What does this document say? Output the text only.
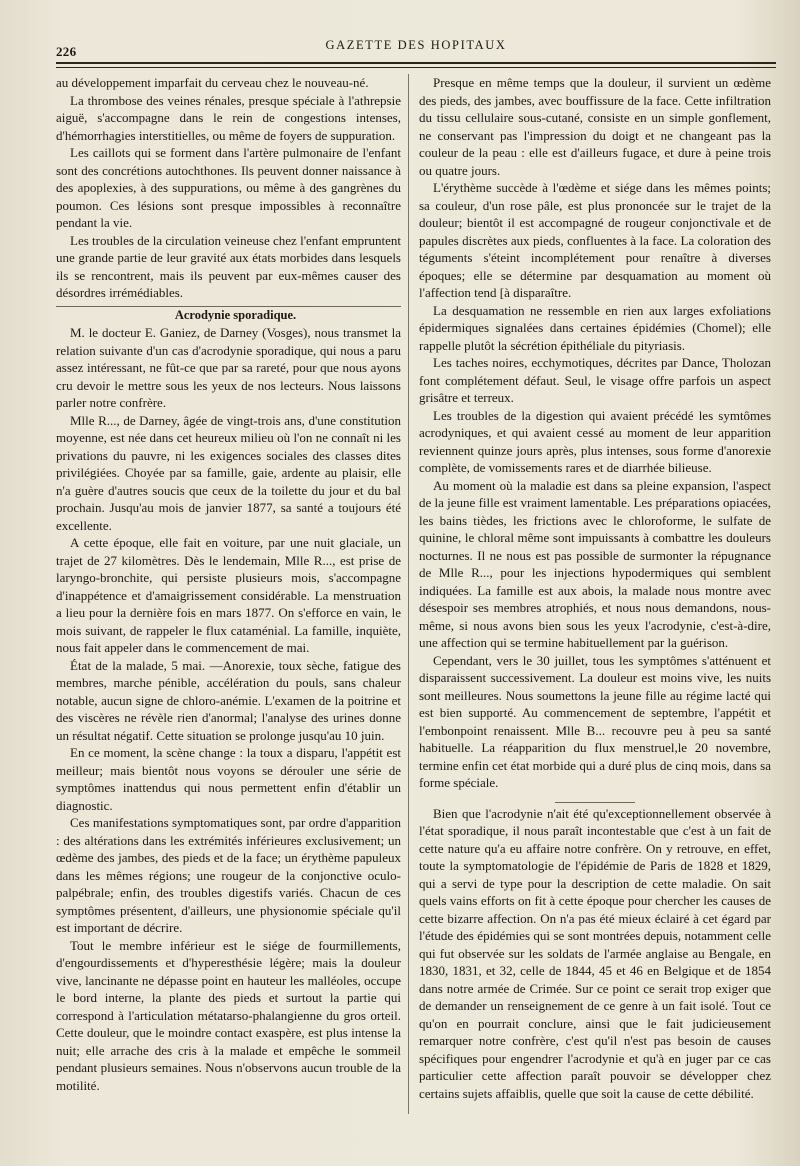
226	GAZETTE DES HOPITAUX

au développement imparfait du cerveau chez le nouveau-né.

La thrombose des veines rénales, presque spéciale à l'athrepsie aiguë, s'accompagne dans le rein de congestions intenses, d'hémorrhagies interstitielles, ou même de foyers de suppuration.

Les caillots qui se forment dans l'artère pulmonaire de l'enfant sont des concrétions autochthones. Ils peuvent donner naissance à des apoplexies, à des suppurations, ou même à des gangrènes du poumon. Ces lésions sont presque impossibles à reconnaître pendant la vie.

Les troubles de la circulation veineuse chez l'enfant empruntent une grande partie de leur gravité aux états morbides dans lesquels ils se rencontrent, mais ils peuvent par eux-mêmes causer des désordres irrémédiables.

Acrodynie sporadique.

M. le docteur E. Ganiez, de Darney (Vosges), nous transmet la relation suivante d'un cas d'acrodynie sporadique, qui nous a paru assez intéressant, ne fût-ce que par sa rareté, pour que nous ayons cru devoir le mettre sous les yeux de nos lecteurs. Nous laissons parler notre confrère.

Mlle R..., de Darney, âgée de vingt-trois ans, d'une constitution moyenne, est née dans cet heureux milieu où l'on ne connaît ni les privations du pauvre, ni les exigences sociales des classes dites privilégiées. Choyée par sa famille, gaie, ardente au plaisir, elle n'a guère d'autres soucis que ceux de la toilette du jour et du bal prochain. Jusqu'au mois de janvier 1877, sa santé a toujours été excellente.

A cette époque, elle fait en voiture, par une nuit glaciale, un trajet de 27 kilomètres. Dès le lendemain, Mlle R..., est prise de laryngo-bronchite, qui persiste plusieurs mois, s'accompagne d'inappétence et d'amaigrissement considérable. La menstruation a lieu pour la dernière fois en mars 1877. On s'efforce en vain, le mois suivant, de rappeler le flux cataménial. La famille, inquiète, nous fait appeler dans le commencement de mai.

État de la malade, 5 mai. —Anorexie, toux sèche, fatigue des membres, marche pénible, accélération du pouls, sans chaleur notable, aucun signe de chloro-anémie. L'examen de la poitrine et des viscères ne révèle rien d'anormal; l'analyse des urines donne un résultat négatif. Cette situation se prolonge jusqu'au 10 juin.

En ce moment, la scène change : la toux a disparu, l'appétit est meilleur; mais bientôt nous voyons se dérouler une série de symptômes inattendus qui nous permettent enfin d'établir un diagnostic.

Ces manifestations symptomatiques sont, par ordre d'apparition : des altérations dans les extrémités inférieures exclusivement; un œdème des jambes, des pieds et de la face; un érythème papuleux dans les mêmes régions; une rougeur de la conjonctive oculo-palpébrale; enfin, des troubles digestifs variés. Chacun de ces symptômes présentent, d'ailleurs, une physionomie spéciale qu'il est important de décrire.

Tout le membre inférieur est le siége de fourmillements, d'engourdissements et d'hyperesthésie légère; mais la douleur vive, lancinante ne dépasse point en hauteur les malléoles, occupe le bord interne, la plante des pieds et surtout la partie qui correspond à l'articulation métatarso-phalangienne du gros orteil. Cette douleur, que le moindre contact exaspère, est plus intense la nuit; elle arrache des cris à la malade et empêche le sommeil pendant plusieurs semaines. Nous n'observons aucun trouble de la motilité.

Presque en même temps que la douleur, il survient un œdème des pieds, des jambes, avec bouffissure de la face. Cette infiltration du tissu cellulaire sous-cutané, consiste en un simple gonflement, ne conservant pas l'impression du doigt et ne changeant pas la couleur de la peau : elle est d'ailleurs fugace, et dure à peine trois ou quatre jours.

L'érythème succède à l'œdème et siége dans les mêmes points; sa couleur, d'un rose pâle, est plus prononcée sur le trajet de la douleur; bientôt il est accompagné de rougeur conjonctivale et de papules discrètes aux pieds, confluentes à la face. La coloration des téguments s'éteint incomplétement pour renaître à diverses époques; elle se détermine par desquamation au moment où l'affection tend [à disparaître.

La desquamation ne ressemble en rien aux larges exfoliations épidermiques signalées dans certaines épidémies (Chomel); elle rappelle plutôt la sécrétion épithéliale du pityriasis.

Les taches noires, ecchymotiques, décrites par Dance, Tholozan font complétement défaut. Seul, le visage offre parfois un aspect grisâtre et terreux.

Les troubles de la digestion qui avaient précédé les symtômes acrodyniques, et qui avaient cessé au moment de leur apparition reviennent quinze jours après, plus intenses, sous forme d'anorexie complète, de vomissements rares et de diarrhée bilieuse.

Au moment où la maladie est dans sa pleine expansion, l'aspect de la jeune fille est vraiment lamentable. Les préparations opiacées, les bains tièdes, les frictions avec le chloroforme, le sulfate de quinine, le chloral même sont impuissants à combattre les douleurs nocturnes. Il ne nous est pas possible de surmonter la répugnance de Mlle R..., pour les injections hypodermiques qui semblent indiquées. La famille est aux abois, la malade nous montre avec désespoir ses membres atrophiés, et nous nous demandons, nous-même, si nous avons bien sous les yeux l'acrodynie, c'est-à-dire, une affection qui se termine habituellement par la guérison.

Cependant, vers le 30 juillet, tous les symptômes s'atténuent et disparaissent successivement. La douleur est moins vive, les nuits sont meilleures. Nous soumettons la jeune fille au régime lacté qui est bien supporté. Au commencement de septembre, l'appétit et l'embonpoint renaissent. Mlle B... recouvre peu à peu sa santé habituelle. La réapparition du flux menstruel,le 20 novembre, termine enfin cet état morbide qui a duré plus de cinq mois, dans sa forme spéciale.

Bien que l'acrodynie n'ait été qu'exceptionnellement observée à l'état sporadique, il nous paraît incontestable que c'est à un fait de cette nature qu'a eu affaire notre confrère. On y retrouve, en effet, toute la symptomatologie de l'épidémie de Paris de 1828 et 1829, qui a servi de type pour la description de cette maladie. On sait quels vains efforts on fit à cette époque pour chercher les causes de cette bizarre affection. On n'a pas été mieux éclairé à cet égard par l'étude des épidémies qui se sont montrées depuis, notamment celle qui fut observée sur les soldats de l'armée anglaise au Bengale, en 1830, 1831, et 32, celle de 1844, 45 et 46 en Belgique et de 1854 dans notre armée de Crimée. Sur ce point ce serait trop exiger que de demander un renseignement de ce genre à un fait isolé. Tout ce qu'on en pourrait conclure, ainsi que le fait judicieusement remarquer notre confrère, c'est qu'il n'est pas besoin de causes spécifiques pour engendrer l'acrodynie et qu'à en juger par ce cas particulier cette affection paraît pouvoir se développer chez certains sujets affaiblis, quelle que soit la cause de cette débilité.
